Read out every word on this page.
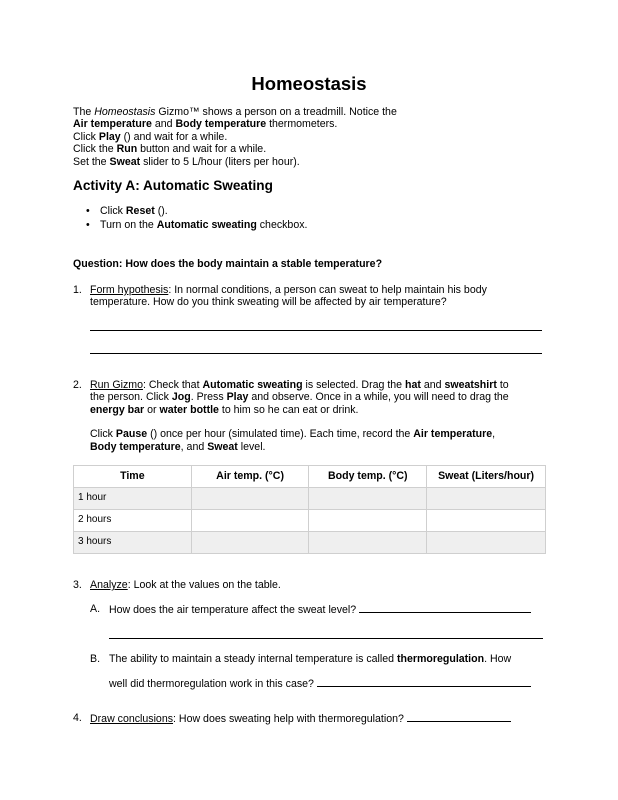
Homeostasis
The Homeostasis Gizmo™ shows a person on a treadmill. Notice the
Air temperature and Body temperature thermometers.
Click Play () and wait for a while.
Click the Run button and wait for a while.
Set the Sweat slider to 5 L/hour (liters per hour).
Activity A: Automatic Sweating
• Click Reset ().
• Turn on the Automatic sweating checkbox.
Question: How does the body maintain a stable temperature?
1. Form hypothesis: In normal conditions, a person can sweat to help maintain his body
temperature. How do you think sweating will be affected by air temperature?
2. Run Gizmo: Check that Automatic sweating is selected. Drag the hat and sweatshirt to
the person. Click Jog. Press Play and observe. Once in a while, you will need to drag the
energy bar or water bottle to him so he can eat or drink.
Click Pause () once per hour (simulated time). Each time, record the Air temperature,
Body temperature, and Sweat level.
Time	Air temp. (°C)	Body temp. (°C)	Sweat (Liters/hour)
1 hour			
2 hours			
3 hours			
3. Analyze: Look at the values on the table.
A. How does the air temperature affect the sweat level?
B. The ability to maintain a steady internal temperature is called thermoregulation. How
well did thermoregulation work in this case?
4. Draw conclusions: How does sweating help with thermoregulation?
